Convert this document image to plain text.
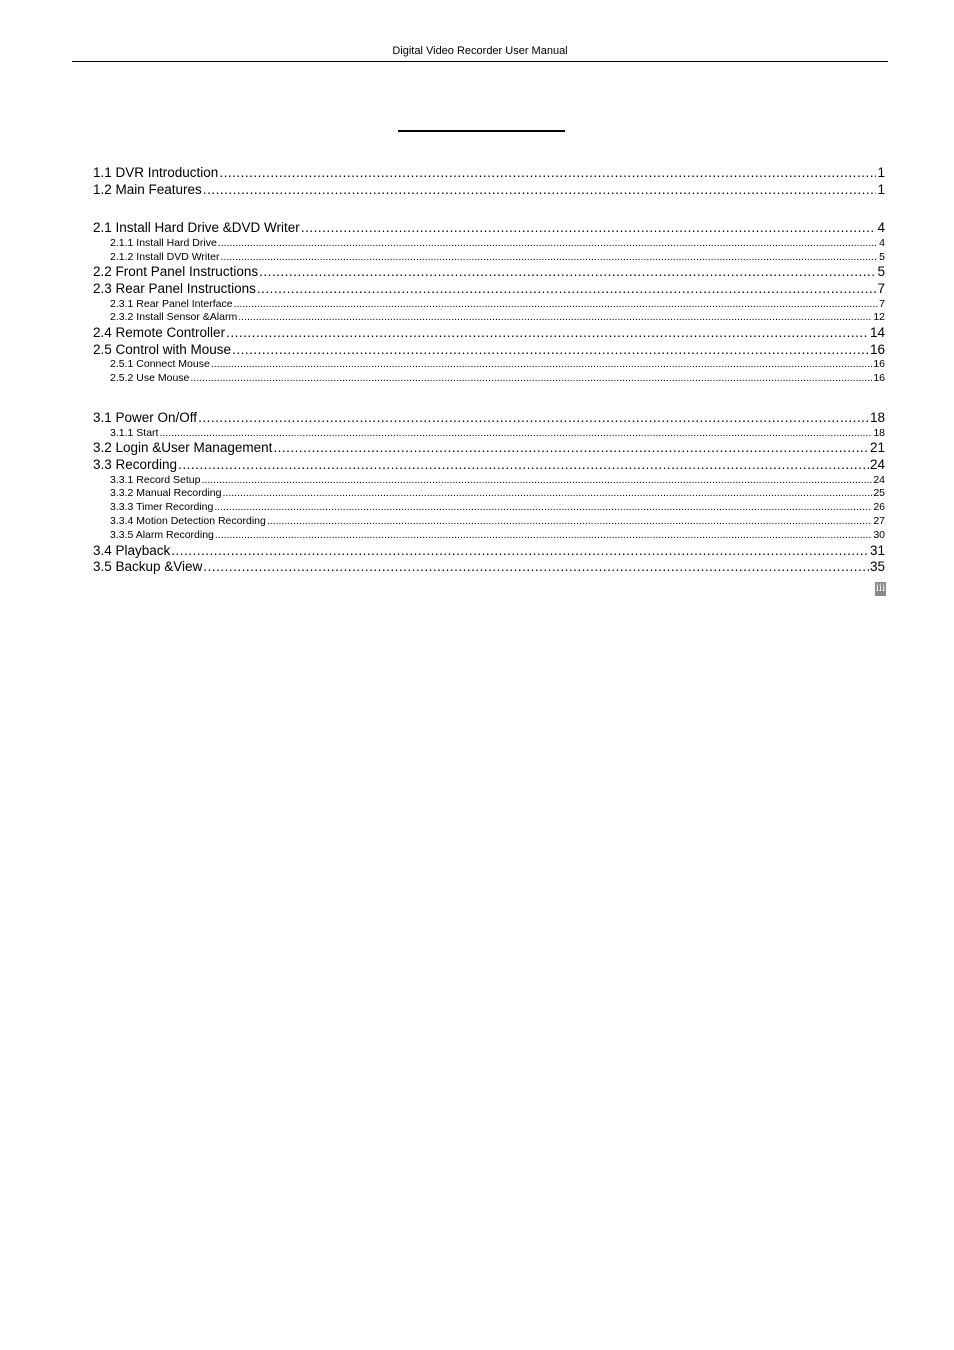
Digital Video Recorder User Manual
1.1 DVR Introduction .....	1
1.2 Main Features .....	1
2.1 Install Hard Drive &DVD Writer .....	4
2.1.1 Install Hard Drive .....	4
2.1.2 Install DVD Writer .....	5
2.2 Front Panel Instructions .....	5
2.3 Rear Panel Instructions .....	7
2.3.1 Rear Panel Interface .....	7
2.3.2 Install Sensor &Alarm .....	12
2.4 Remote Controller .....	14
2.5 Control with Mouse .....	16
2.5.1 Connect Mouse .....	16
2.5.2 Use Mouse .....	16
3.1 Power On/Off .....	18
3.1.1 Start .....	18
3.2 Login &User Management .....	21
3.3 Recording .....	24
3.3.1 Record Setup .....	24
3.3.2 Manual Recording .....	25
3.3.3 Timer Recording .....	26
3.3.4 Motion Detection Recording .....	27
3.3.5 Alarm Recording .....	30
3.4 Playback .....	31
3.5 Backup &View .....	35
iii
